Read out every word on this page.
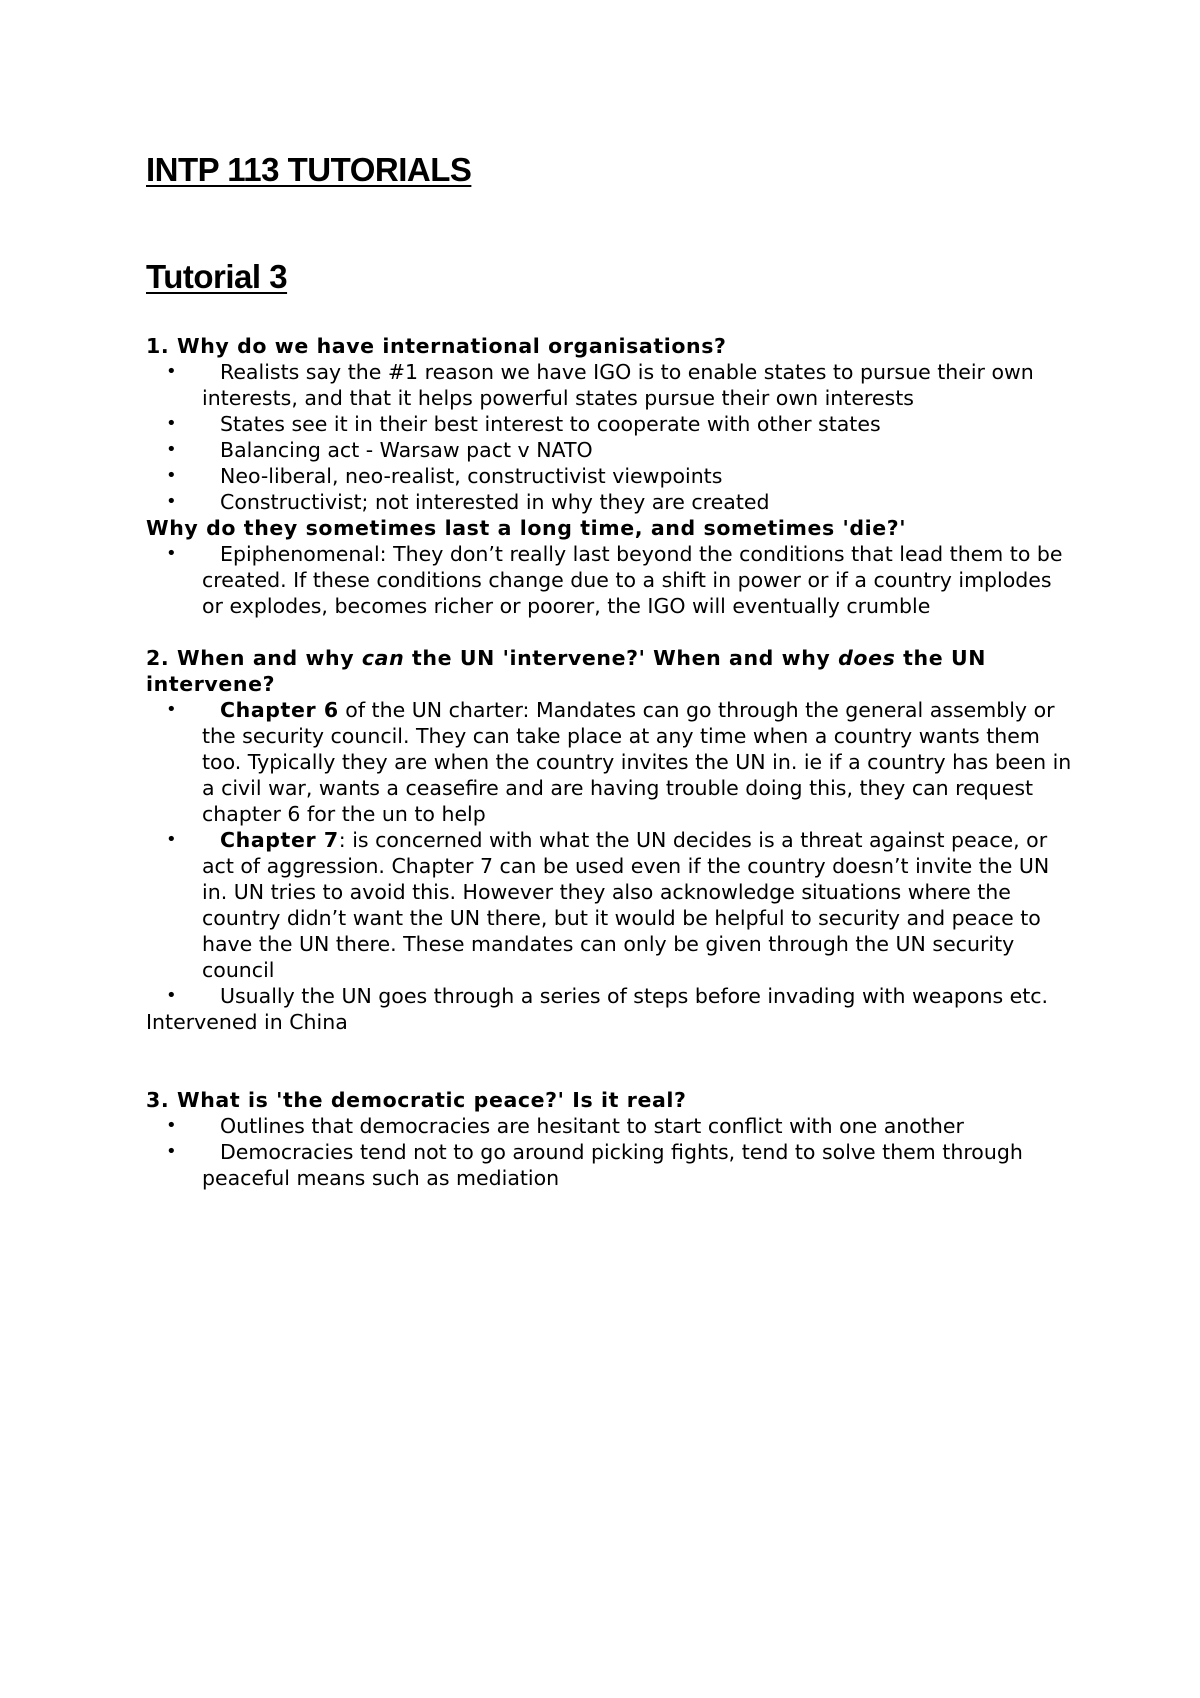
INTP 113 TUTORIALS
Tutorial 3

1. Why do we have international organisations?

•	Realists say the #1 reason we have IGO is to enable states to pursue their own interests, and that it helps powerful states pursue their own interests
•	States see it in their best interest to cooperate with other states
•	Balancing act - Warsaw pact v NATO
•	Neo-liberal, neo-realist, constructivist viewpoints
•	Constructivist; not interested in why they are created

Why do they sometimes last a long time, and sometimes 'die?'

•	Epiphenomenal: They don’t really last beyond the conditions that lead them to be created. If these conditions change due to a shift in power or if a country implodes or explodes, becomes richer or poorer, the IGO will eventually crumble

2. When and why can the UN 'intervene?' When and why does the UN intervene?

•	Chapter 6 of the UN charter: Mandates can go through the general assembly or the security council. They can take place at any time when a country wants them too. Typically they are when the country invites the UN in. ie if a country has been in a civil war, wants a ceasefire and are having trouble doing this, they can request chapter 6 for the un to help
•	Chapter 7: is concerned with what the UN decides is a threat against peace, or act of aggression. Chapter 7 can be used even if the country doesn’t invite the UN in. UN tries to avoid this. However they also acknowledge situations where the country didn’t want the UN there, but it would be helpful to security and peace to have the UN there. These mandates can only be given through the UN security council
•	Usually the UN goes through a series of steps before invading with weapons etc.

Intervened in China

3. What is 'the democratic peace?' Is it real?

•	Outlines that democracies are hesitant to start conflict with one another
•	Democracies tend not to go around picking fights, tend to solve them through peaceful means such as mediation
